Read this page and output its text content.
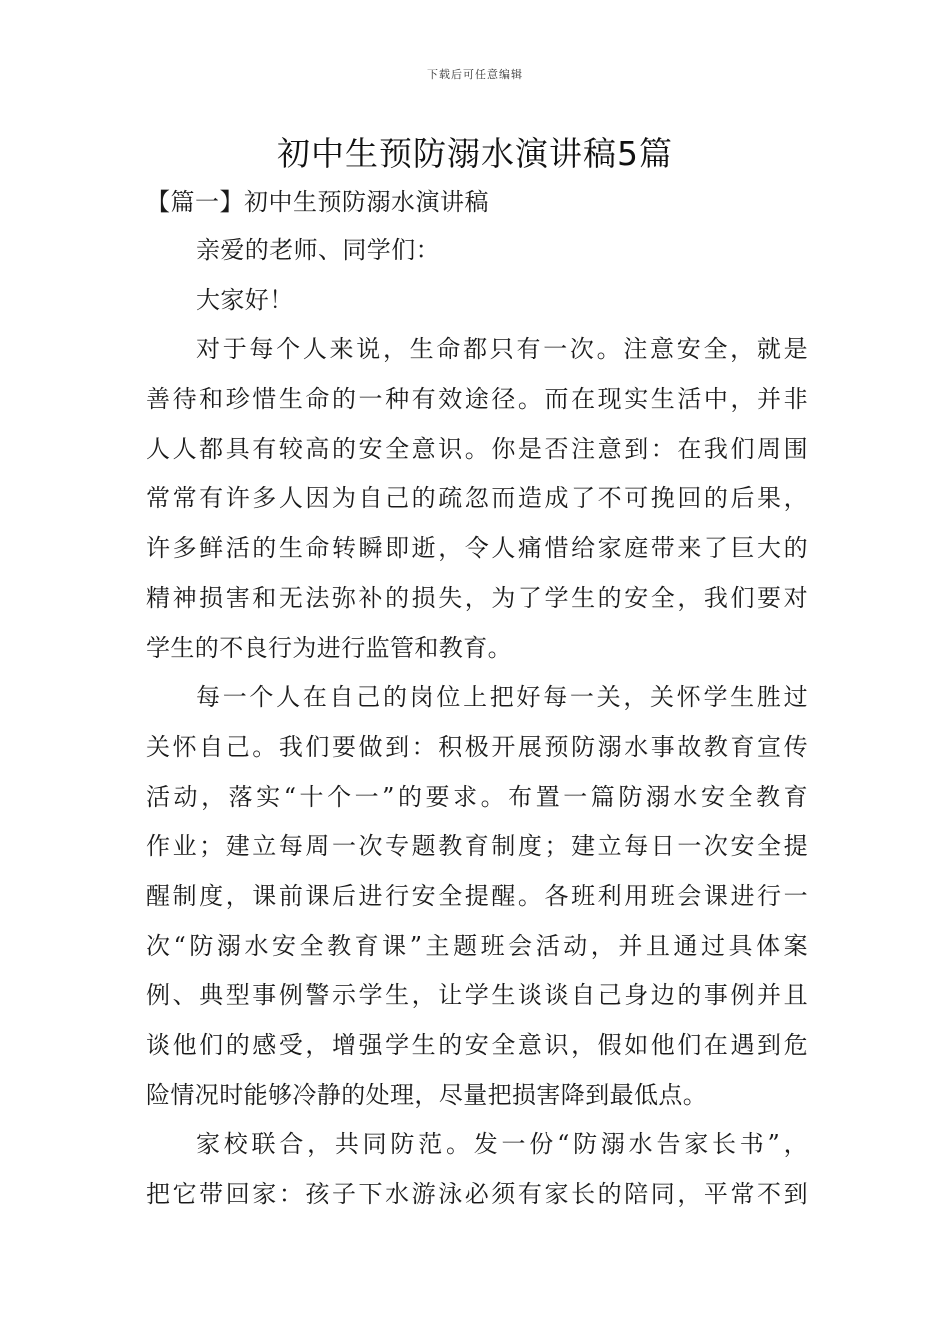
下载后可任意编辑
初中生预防溺水演讲稿5篇
【篇一】初中生预防溺水演讲稿
亲爱的老师、同学们：
大家好！
对于每个人来说，生命都只有一次。注意安全，就是
善待和珍惜生命的一种有效途径。而在现实生活中，并非
人人都具有较高的安全意识。你是否注意到：在我们周围
常常有许多人因为自己的疏忽而造成了不可挽回的后果，
许多鲜活的生命转瞬即逝，令人痛惜给家庭带来了巨大的
精神损害和无法弥补的损失，为了学生的安全，我们要对
学生的不良行为进行监管和教育。
每一个人在自己的岗位上把好每一关，关怀学生胜过
关怀自己。我们要做到：积极开展预防溺水事故教育宣传
活动，落实“十个一”的要求。布置一篇防溺水安全教育
作业；建立每周一次专题教育制度；建立每日一次安全提
醒制度，课前课后进行安全提醒。各班利用班会课进行一
次“防溺水安全教育课”主题班会活动，并且通过具体案
例、典型事例警示学生，让学生谈谈自己身边的事例并且
谈他们的感受，增强学生的安全意识，假如他们在遇到危
险情况时能够冷静的处理，尽量把损害降到最低点。
家校联合，共同防范。发一份“防溺水告家长书”，
把它带回家：孩子下水游泳必须有家长的陪同，平常不到
